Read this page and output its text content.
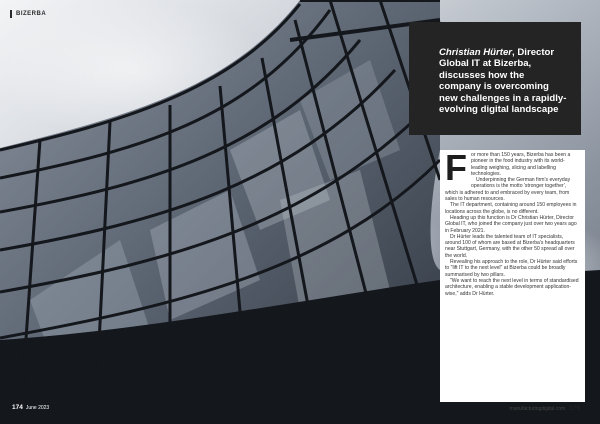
BIZERBA

Christian Hürter, Director Global IT at Bizerba, discusses how the company is overcoming new challenges in a rapidly-evolving digital landscape

F or more than 150 years, Bizerba has been a pioneer in the food industry with its world-leading weighing, slicing and labelling technologies.

Underpinning the German firm's everyday operations is the motto 'stronger together', which is adhered to and embraced by every team, from sales to human resources.

The IT department, containing around 150 employees in locations across the globe, is no different.

Heading up this function is Dr Christian Hürter, Director Global IT, who joined the company just over two years ago in February 2021.

Dr Hürter leads the talented team of IT specialists, around 100 of whom are based at Bizerba's headquarters near Stuttgart, Germany, with the other 50 spread all over the world.

Revealing his approach to the role, Dr Hürter said efforts to "lift IT to the next level" at Bizerba could be broadly summarised by two pillars.

"We want to reach the next level in terms of standardised architecture, enabling a stable development application-wise," adds Dr Hürter.

174 June 2023	manufacturingdigital.com 175
